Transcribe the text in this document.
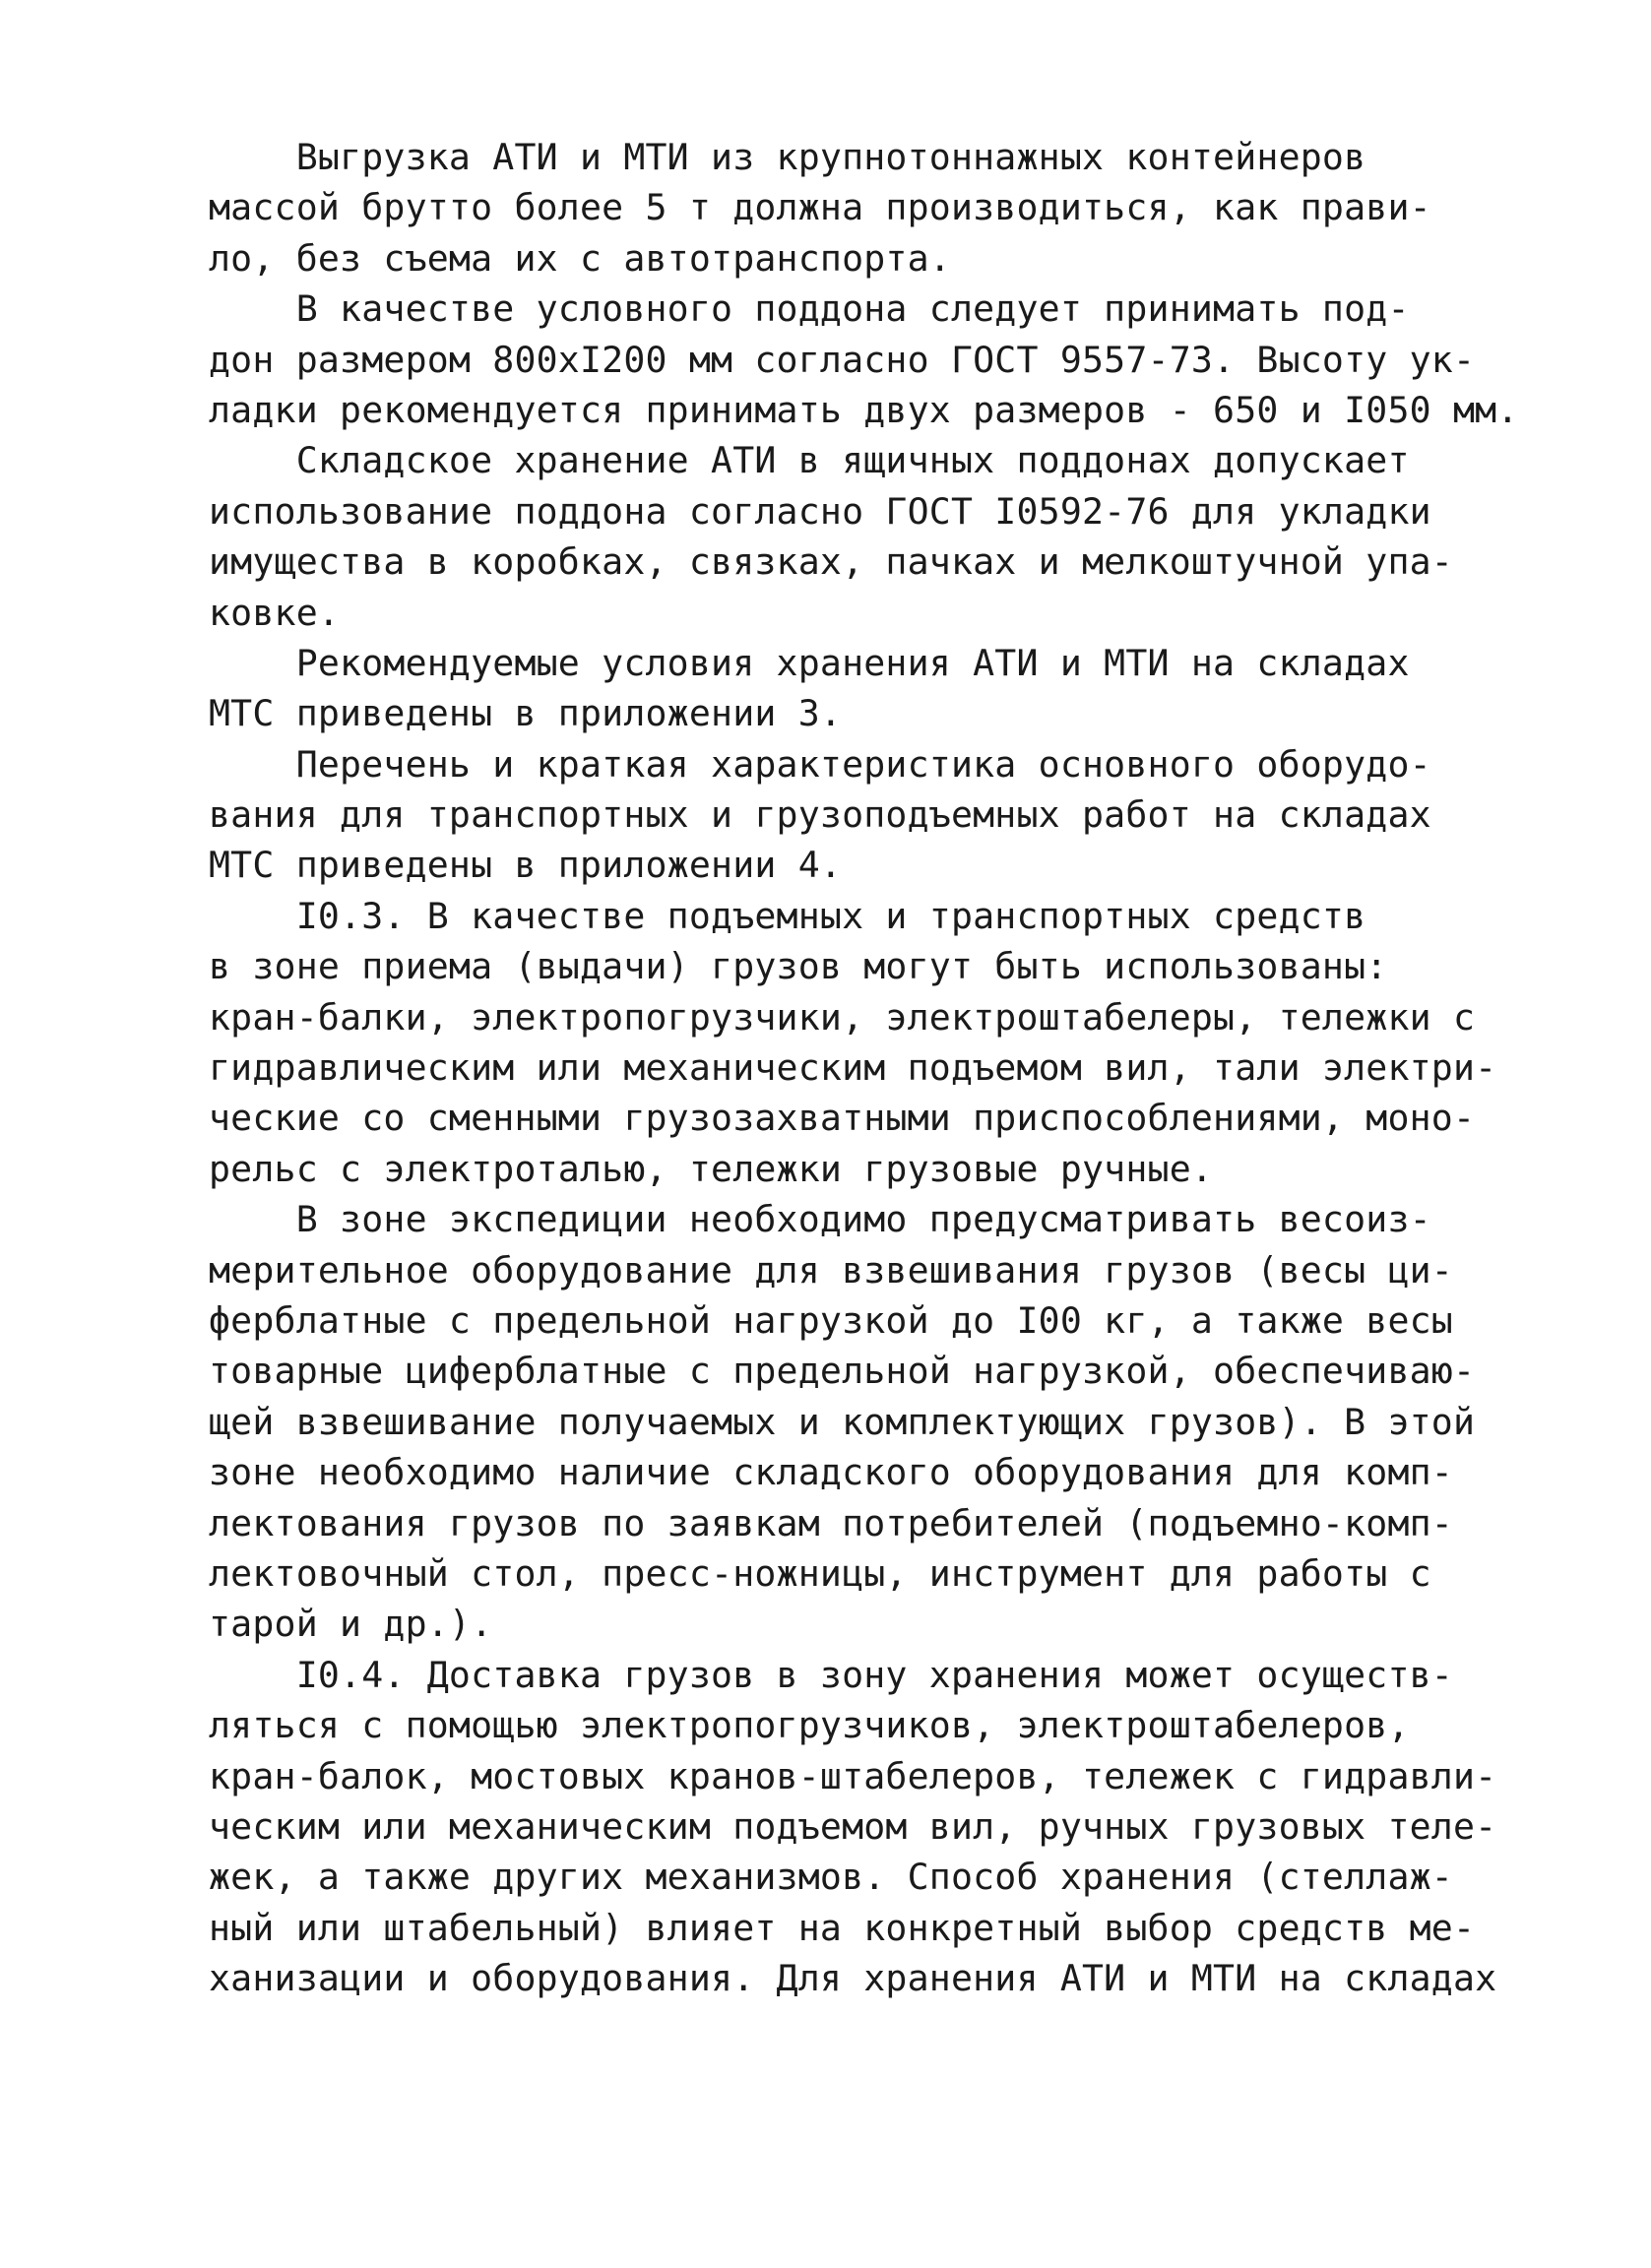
Выгрузка АТИ и МТИ из крупнотоннажных контейнеров
массой брутто более 5 т должна производиться, как прави-
ло, без съема их с автотранспорта.
В качестве условного поддона следует принимать под-
дон размером 800хI200 мм согласно ГОСТ 9557-73. Высоту ук-
ладки рекомендуется принимать двух размеров - 650 и I050 мм.
Складское хранение АТИ в ящичных поддонах допускает
использование поддона согласно ГОСТ I0592-76 для укладки
имущества в коробках, связках, пачках и мелкоштучной упа-
ковке.
Рекомендуемые условия хранения АТИ и МТИ на складах
МТС приведены в приложении 3.
Перечень и краткая характеристика основного оборудо-
вания для транспортных и грузоподъемных работ на складах
МТС приведены в приложении 4.
I0.3. В качестве подъемных и транспортных средств
в зоне приема (выдачи) грузов могут быть использованы:
кран-балки, электропогрузчики, электроштабелеры, тележки с
гидравлическим или механическим подъемом вил, тали электри-
ческие со сменными грузозахватными приспособлениями, моно-
рельс с электроталью, тележки грузовые ручные.
В зоне экспедиции необходимо предусматривать весоиз-
мерительное оборудование для взвешивания грузов (весы ци-
ферблатные с предельной нагрузкой до I00 кг, а также весы
товарные циферблатные с предельной нагрузкой, обеспечиваю-
щей взвешивание получаемых и комплектующих грузов). В этой
зоне необходимо наличие складского оборудования для комп-
лектования грузов по заявкам потребителей (подъемно-комп-
лектовочный стол, пресс-ножницы, инструмент для работы с
тарой и др.).
I0.4. Доставка грузов в зону хранения может осуществ-
ляться с помощью электропогрузчиков, электроштабелеров,
кран-балок, мостовых кранов-штабелеров, тележек с гидравли-
ческим или механическим подъемом вил, ручных грузовых теле-
жек, а также других механизмов. Способ хранения (стеллаж-
ный или штабельный) влияет на конкретный выбор средств ме-
ханизации и оборудования. Для хранения АТИ и МТИ на складах
